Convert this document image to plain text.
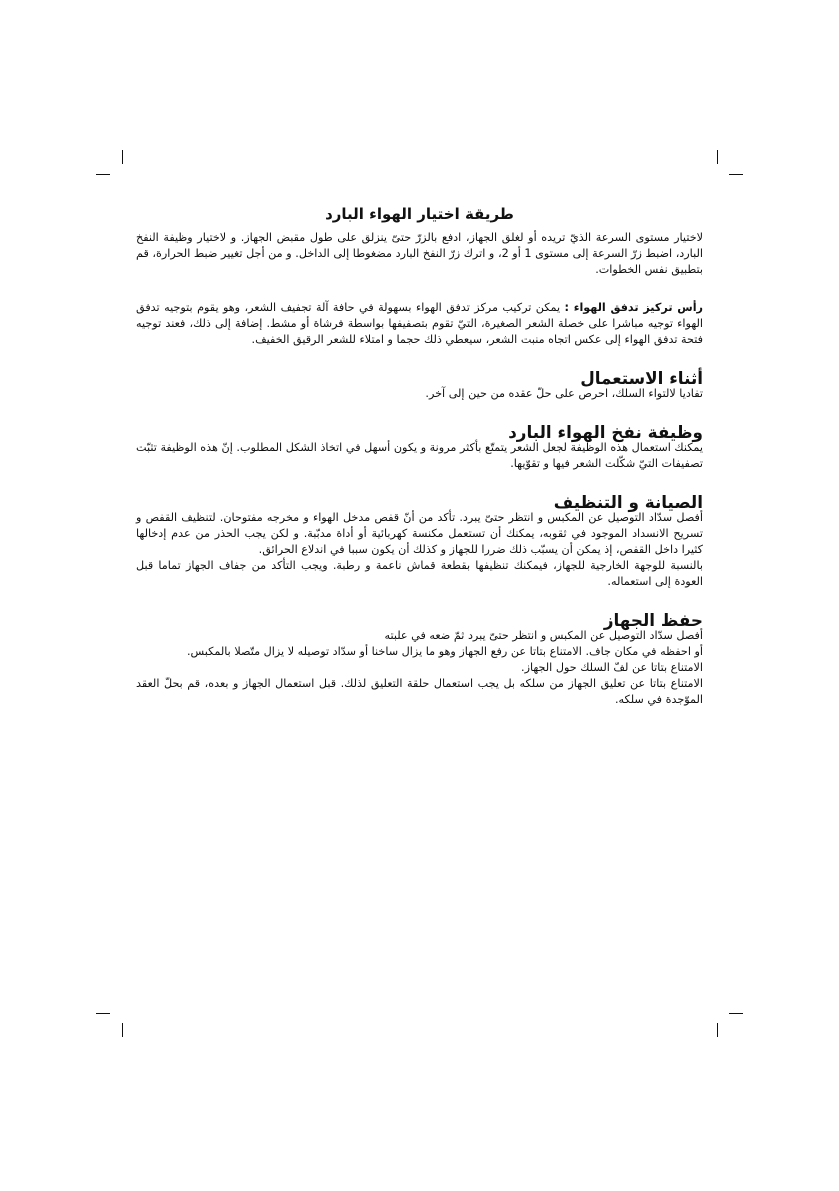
طريقة اختيار الهواء البارد

لاختيار مستوى السرعة الذيّ تريده أو لغلق الجهاز، ادفع بالزرّ حتىّ ينزلق على طول مقبض الجهاز. و لاختيار وظيفة النفخ البارد، اضبط زرّ السرعة إلى مستوى 1 أو 2، و اترك زرّ النفخ البارد مضغوطا إلى الداخل. و من أجل تغيير ضبط الحرارة، قم بتطبيق نفس الخطوات.

رأس تركيز تدفق الهواء : يمكن تركيب مركز تدفق الهواء بسهولة في حافة آلة تجفيف الشعر، وهو يقوم بتوجيه تدفق الهواء توجيه مباشرا على خصلة الشعر الصغيرة، التيّ تقوم بتصفيفها بواسطة فرشاة أو مشط. إضافة إلى ذلك، فعند توجيه فتحة تدفق الهواء إلى عكس اتجاه منبت الشعر، سيعطي ذلك حجما و امتلاء للشعر الرقيق الخفيف.

أثناء الاستعمال

تفاديا لالتواء السلك، احرص على حلّ عقده من حين إلى آخر.

وظيفة نفخ الهواء البارد

يمكنك استعمال هذه الوظيفة لجعل الشعر يتمتّع بأكثر مرونة و يكون أسهل في اتخاذ الشكل المطلوب. إنّ هذه الوظيفة تثبّت تصفيفات التيّ شكّلت الشعر فيها و تقوّيها.

الصيانة و التنظيف

أفصل سدّاد التوصيل عن المكبس و انتظر حتىّ يبرد. تأكد من أنّ قفص مدخل الهواء و مخرجه مفتوحان. لتنظيف القفص و تسريح الانسداد الموجود في ثقوبه، يمكنك أن تستعمل مكنسة كهربائية أو أداة مدبّبة. و لكن يجب الحذر من عدم إدخالها كثيرا داخل القفص، إذ يمكن أن يسبّب ذلك ضررا للجهاز و كذلك أن يكون سببا في اندلاع الحرائق.

بالنسبة للوجهة الخارجية للجهاز، فيمكنك تنظيفها بقطعة قماش ناعمة و رطبة. ويجب التأكد من جفاف الجهاز تماما قبل العودة إلى استعماله.

حفظ الجهاز

أفصل سدّاد التوصيل عن المكبس و انتظر حتىّ يبرد ثمّ ضعه في علبته

أو احفظه في مكان جاف. الامتناع بتاتا عن رفع الجهاز وهو ما يزال ساخنا أو سدّاد توصيله لا يزال متّصلا بالمكبس.

الامتناع بتاتا عن لفّ السلك حول الجهاز.

الامتناع بتاتا عن تعليق الجهاز من سلكه بل يجب استعمال حلقة التعليق لذلك. قبل استعمال الجهاز و بعده، قم بحلّ العقد الموّجدة في سلكه.
